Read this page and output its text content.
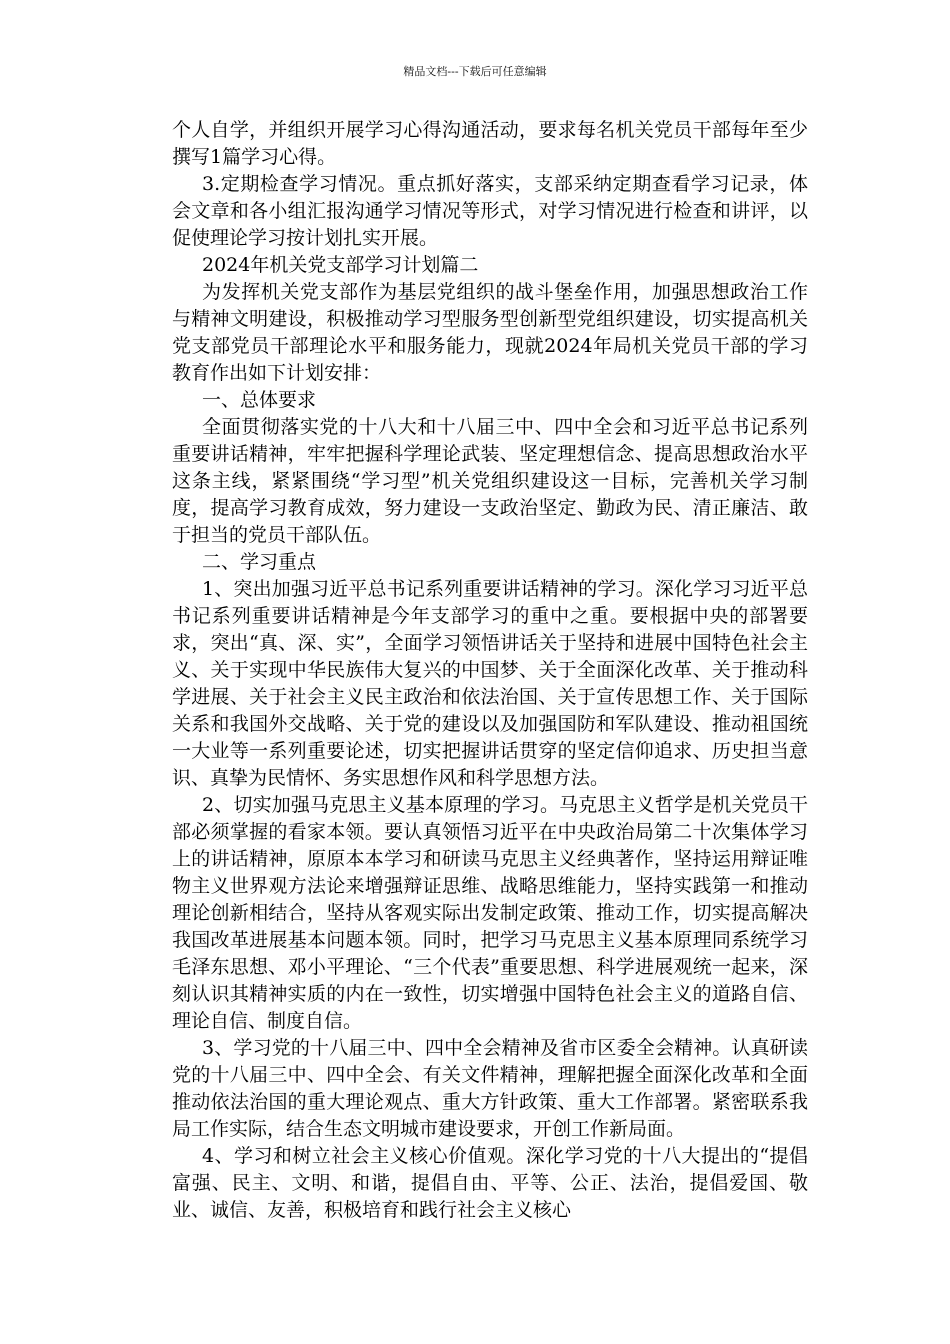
精品文档---下载后可任意编辑

个人自学，并组织开展学习心得沟通活动，要求每名机关党员干部每年至少撰写1篇学习心得。

3.定期检查学习情况。重点抓好落实，支部采纳定期查看学习记录，体会文章和各小组汇报沟通学习情况等形式，对学习情况进行检查和讲评，以促使理论学习按计划扎实开展。

2024年机关党支部学习计划篇二

为发挥机关党支部作为基层党组织的战斗堡垒作用，加强思想政治工作与精神文明建设，积极推动学习型服务型创新型党组织建设，切实提高机关党支部党员干部理论水平和服务能力，现就2024年局机关党员干部的学习教育作出如下计划安排：

一、总体要求

全面贯彻落实党的十八大和十八届三中、四中全会和习近平总书记系列重要讲话精神，牢牢把握科学理论武装、坚定理想信念、提高思想政治水平这条主线，紧紧围绕“学习型”机关党组织建设这一目标，完善机关学习制度，提高学习教育成效，努力建设一支政治坚定、勤政为民、清正廉洁、敢于担当的党员干部队伍。

二、学习重点

1、突出加强习近平总书记系列重要讲话精神的学习。深化学习习近平总书记系列重要讲话精神是今年支部学习的重中之重。要根据中央的部署要求，突出“真、深、实”，全面学习领悟讲话关于坚持和进展中国特色社会主义、关于实现中华民族伟大复兴的中国梦、关于全面深化改革、关于推动科学进展、关于社会主义民主政治和依法治国、关于宣传思想工作、关于国际关系和我国外交战略、关于党的建设以及加强国防和军队建设、推动祖国统一大业等一系列重要论述，切实把握讲话贯穿的坚定信仰追求、历史担当意识、真挚为民情怀、务实思想作风和科学思想方法。

2、切实加强马克思主义基本原理的学习。马克思主义哲学是机关党员干部必须掌握的看家本领。要认真领悟习近平在中央政治局第二十次集体学习上的讲话精神，原原本本学习和研读马克思主义经典著作，坚持运用辩证唯物主义世界观方法论来增强辩证思维、战略思维能力，坚持实践第一和推动理论创新相结合，坚持从客观实际出发制定政策、推动工作，切实提高解决我国改革进展基本问题本领。同时，把学习马克思主义基本原理同系统学习毛泽东思想、邓小平理论、“三个代表”重要思想、科学进展观统一起来，深刻认识其精神实质的内在一致性，切实增强中国特色社会主义的道路自信、理论自信、制度自信。

3、学习党的十八届三中、四中全会精神及省市区委全会精神。认真研读党的十八届三中、四中全会、有关文件精神，理解把握全面深化改革和全面推动依法治国的重大理论观点、重大方针政策、重大工作部署。紧密联系我局工作实际，结合生态文明城市建设要求，开创工作新局面。

4、学习和树立社会主义核心价值观。深化学习党的十八大提出的“提倡富强、民主、文明、和谐，提倡自由、平等、公正、法治，提倡爱国、敬业、诚信、友善，积极培育和践行社会主义核心
